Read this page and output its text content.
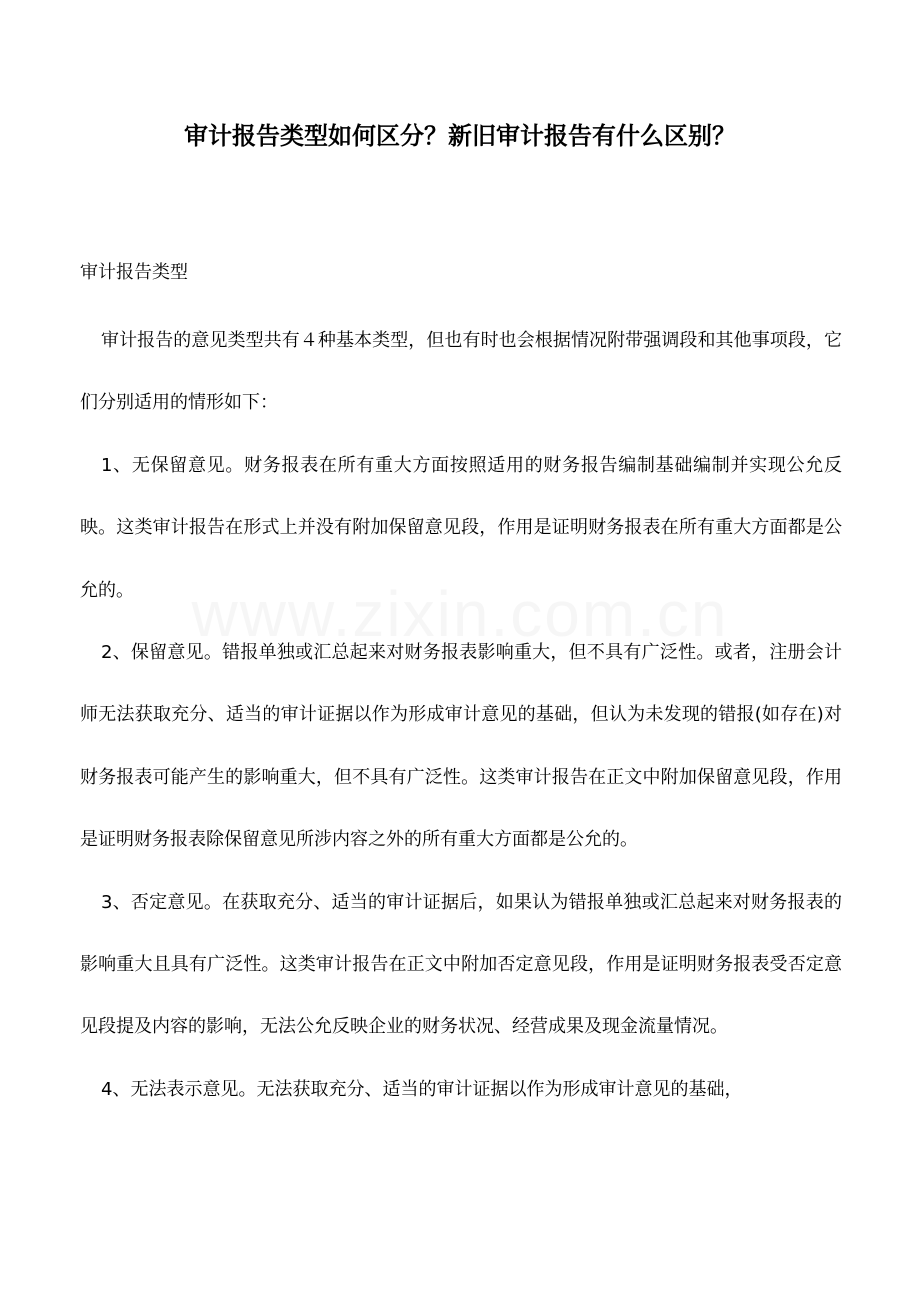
审计报告类型如何区分？新旧审计报告有什么区别？
审计报告类型

审计报告的意见类型共有４种基本类型，但也有时也会根据情况附带强调段和其他事项段，它们分别适用的情形如下：

1、无保留意见。财务报表在所有重大方面按照适用的财务报告编制基础编制并实现公允反映。这类审计报告在形式上并没有附加保留意见段，作用是证明财务报表在所有重大方面都是公允的。

2、保留意见。错报单独或汇总起来对财务报表影响重大，但不具有广泛性。或者，注册会计师无法获取充分、适当的审计证据以作为形成审计意见的基础，但认为未发现的错报(如存在)对财务报表可能产生的影响重大，但不具有广泛性。这类审计报告在正文中附加保留意见段，作用是证明财务报表除保留意见所涉内容之外的所有重大方面都是公允的。

3、否定意见。在获取充分、适当的审计证据后，如果认为错报单独或汇总起来对财务报表的影响重大且具有广泛性。这类审计报告在正文中附加否定意见段，作用是证明财务报表受否定意见段提及内容的影响，无法公允反映企业的财务状况、经营成果及现金流量情况。

4、无法表示意见。无法获取充分、适当的审计证据以作为形成审计意见的基础，

www.zixin.com.cn
